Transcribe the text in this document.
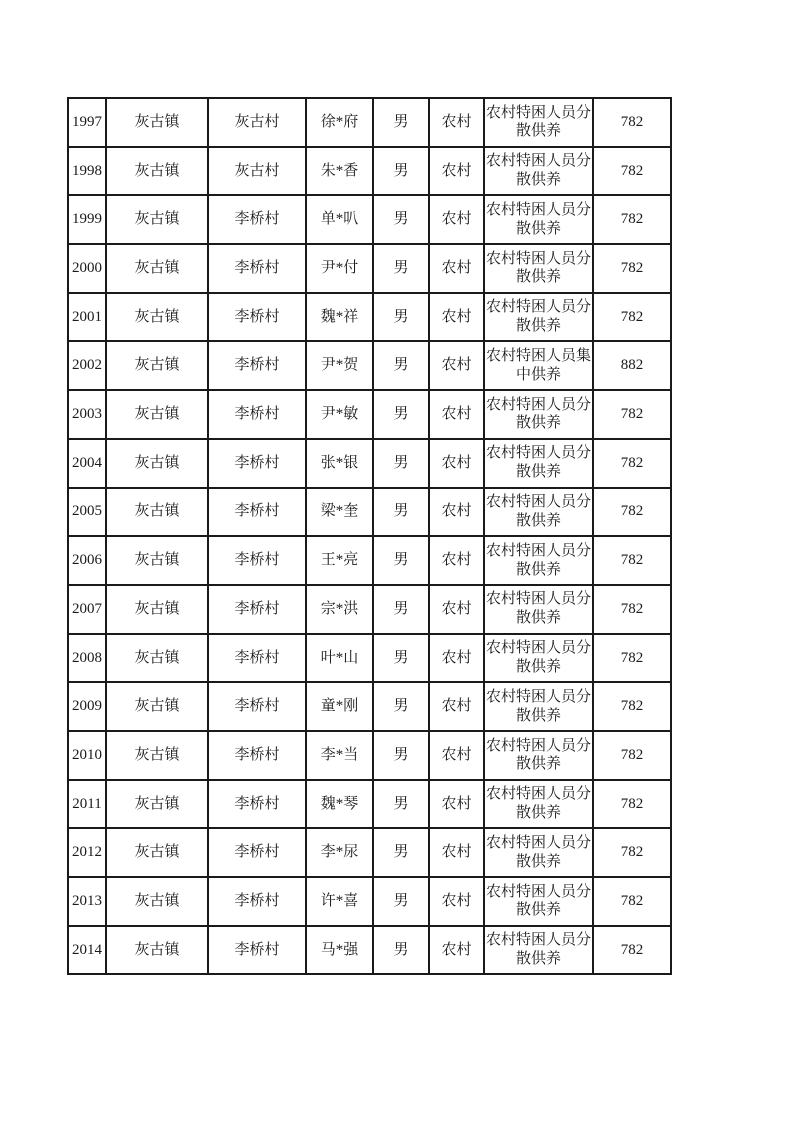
1997	灰古镇	灰古村	徐*府	男	农村	农村特困人员分散供养	782
1998	灰古镇	灰古村	朱*香	男	农村	农村特困人员分散供养	782
1999	灰古镇	李桥村	单*叭	男	农村	农村特困人员分散供养	782
2000	灰古镇	李桥村	尹*付	男	农村	农村特困人员分散供养	782
2001	灰古镇	李桥村	魏*祥	男	农村	农村特困人员分散供养	782
2002	灰古镇	李桥村	尹*贺	男	农村	农村特困人员集中供养	882
2003	灰古镇	李桥村	尹*敏	男	农村	农村特困人员分散供养	782
2004	灰古镇	李桥村	张*银	男	农村	农村特困人员分散供养	782
2005	灰古镇	李桥村	梁*奎	男	农村	农村特困人员分散供养	782
2006	灰古镇	李桥村	王*亮	男	农村	农村特困人员分散供养	782
2007	灰古镇	李桥村	宗*洪	男	农村	农村特困人员分散供养	782
2008	灰古镇	李桥村	叶*山	男	农村	农村特困人员分散供养	782
2009	灰古镇	李桥村	童*刚	男	农村	农村特困人员分散供养	782
2010	灰古镇	李桥村	李*当	男	农村	农村特困人员分散供养	782
2011	灰古镇	李桥村	魏*琴	男	农村	农村特困人员分散供养	782
2012	灰古镇	李桥村	李*尿	男	农村	农村特困人员分散供养	782
2013	灰古镇	李桥村	许*喜	男	农村	农村特困人员分散供养	782
2014	灰古镇	李桥村	马*强	男	农村	农村特困人员分散供养	782
